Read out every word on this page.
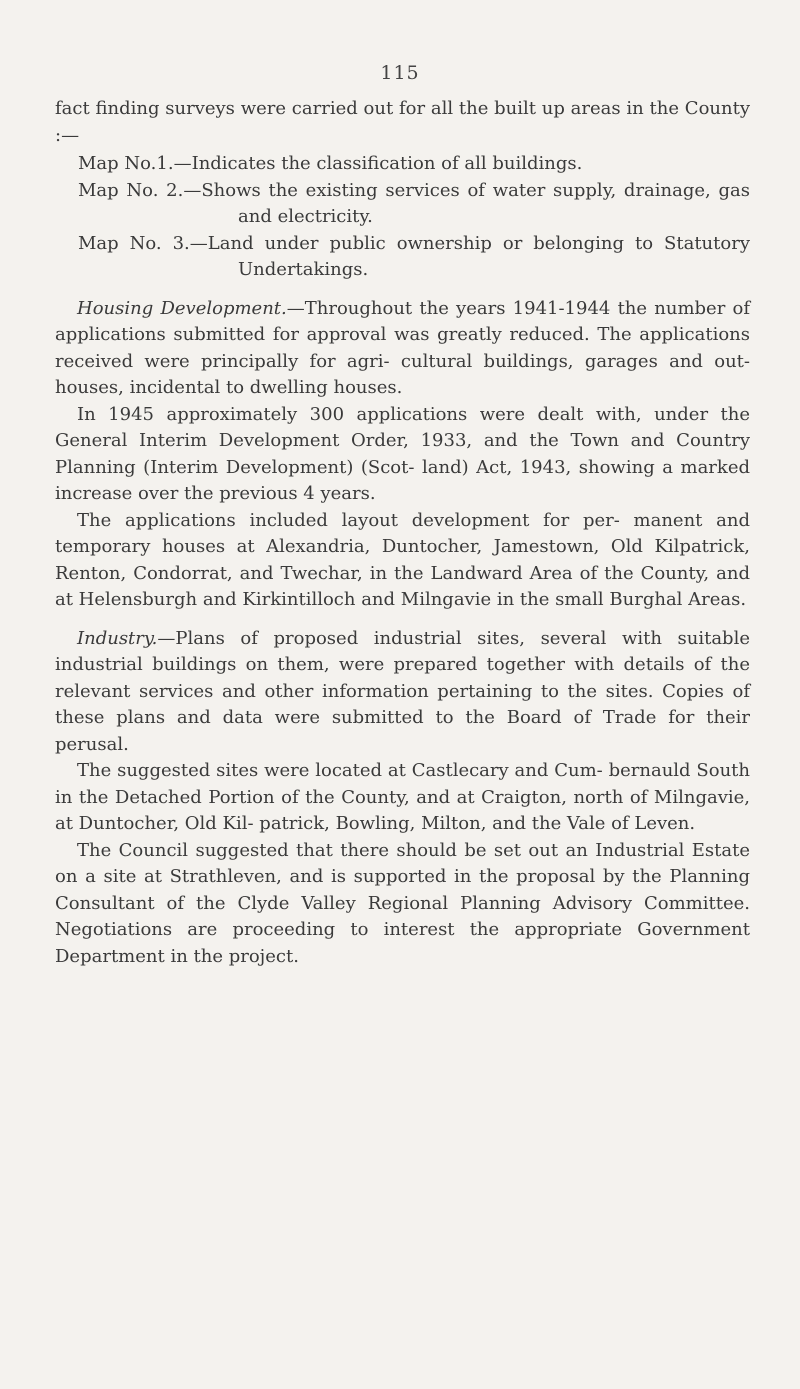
115

fact finding surveys were carried out for all the built up areas in the County :—

Map No.1.—Indicates the classification of all buildings.

Map No. 2.—Shows the existing services of water supply, drainage, gas and electricity.

Map No. 3.—Land under public ownership or belonging to Statutory Undertakings.

Housing Development.—Throughout the years 1941-1944 the number of applications submitted for approval was greatly reduced. The applications received were principally for agri- cultural buildings, garages and out-houses, incidental to dwelling houses.

In 1945 approximately 300 applications were dealt with, under the General Interim Development Order, 1933, and the Town and Country Planning (Interim Development) (Scot- land) Act, 1943, showing a marked increase over the previous 4 years.

The applications included layout development for per- manent and temporary houses at Alexandria, Duntocher, Jamestown, Old Kilpatrick, Renton, Condorrat, and Twechar, in the Landward Area of the County, and at Helensburgh and Kirkintilloch and Milngavie in the small Burghal Areas.

Industry.—Plans of proposed industrial sites, several with suitable industrial buildings on them, were prepared together with details of the relevant services and other information pertaining to the sites. Copies of these plans and data were submitted to the Board of Trade for their perusal.

The suggested sites were located at Castlecary and Cum- bernauld South in the Detached Portion of the County, and at Craigton, north of Milngavie, at Duntocher, Old Kil- patrick, Bowling, Milton, and the Vale of Leven.

The Council suggested that there should be set out an Industrial Estate on a site at Strathleven, and is supported in the proposal by the Planning Consultant of the Clyde Valley Regional Planning Advisory Committee. Negotiations are proceeding to interest the appropriate Government Department in the project.
